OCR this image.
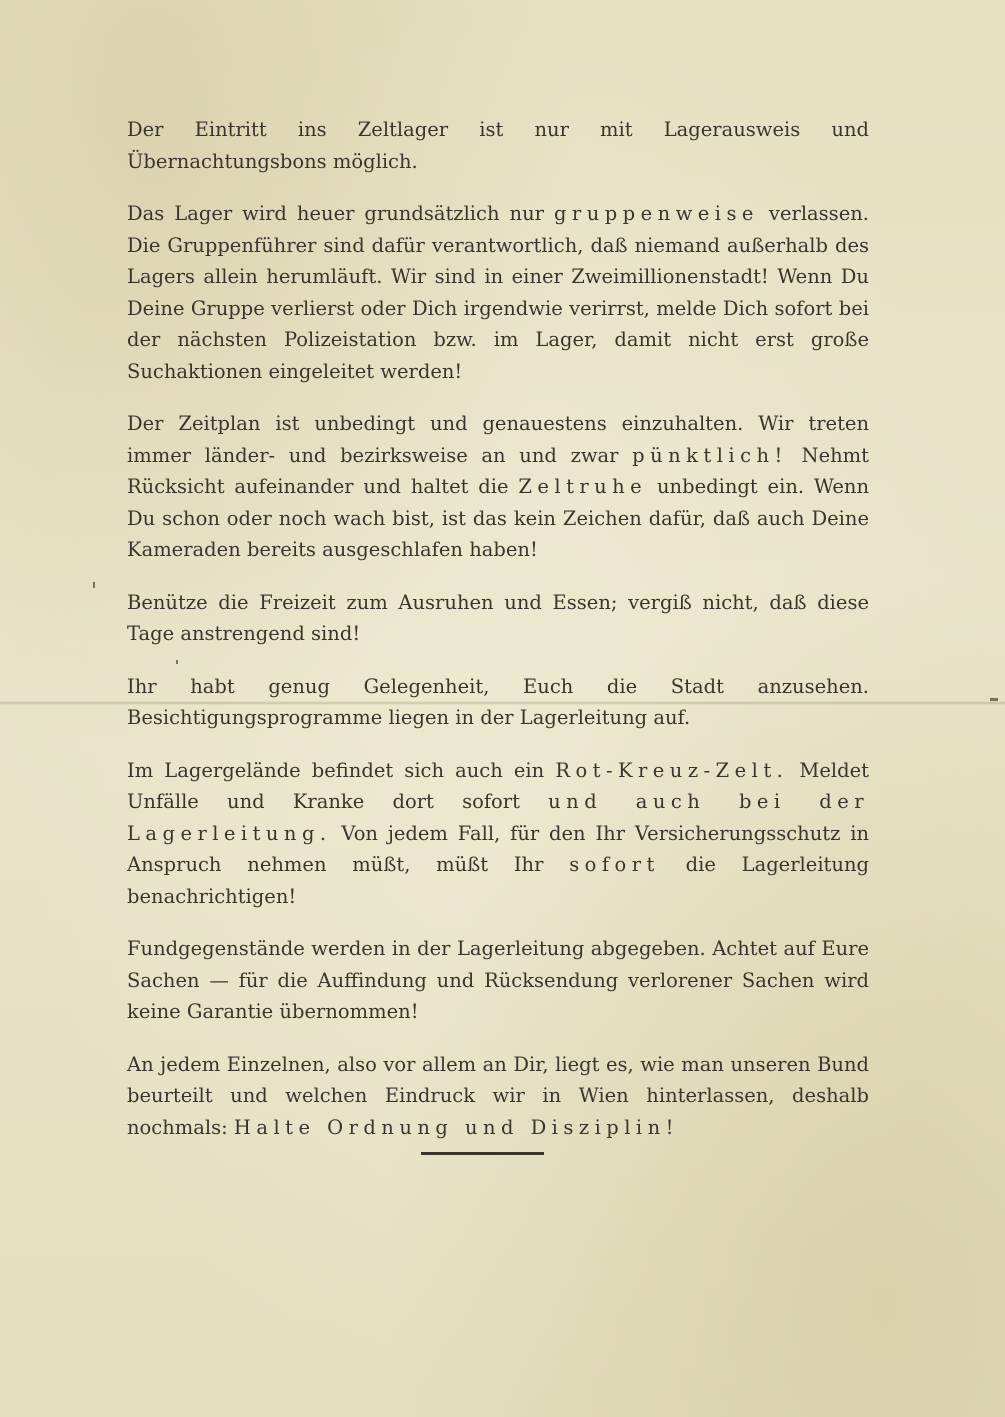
Der Eintritt ins Zeltlager ist nur mit Lagerausweis und Übernachtungsbons möglich.

Das Lager wird heuer grundsätzlich nur gruppenweise verlassen. Die Gruppenführer sind dafür verantwortlich, daß niemand außerhalb des Lagers allein herumläuft. Wir sind in einer Zweimillionenstadt! Wenn Du Deine Gruppe verlierst oder Dich irgendwie verirrst, melde Dich sofort bei der nächsten Polizeistation bzw. im Lager, damit nicht erst große Suchaktionen eingeleitet werden!

Der Zeitplan ist unbedingt und genauestens einzuhalten. Wir treten immer länder- und bezirksweise an und zwar pünktlich! Nehmt Rücksicht aufeinander und haltet die Zeltruhe unbedingt ein. Wenn Du schon oder noch wach bist, ist das kein Zeichen dafür, daß auch Deine Kameraden bereits ausgeschlafen haben!

Benütze die Freizeit zum Ausruhen und Essen; vergiß nicht, daß diese Tage anstrengend sind!

Ihr habt genug Gelegenheit, Euch die Stadt anzusehen. Besichtigungsprogramme liegen in der Lagerleitung auf.

Im Lagergelände befindet sich auch ein Rot-Kreuz-Zelt. Meldet Unfälle und Kranke dort sofort und auch bei der Lagerleitung. Von jedem Fall, für den Ihr Versicherungsschutz in Anspruch nehmen müßt, müßt Ihr sofort die Lagerleitung benachrichtigen!

Fundgegenstände werden in der Lagerleitung abgegeben. Achtet auf Eure Sachen — für die Auffindung und Rücksendung verlorener Sachen wird keine Garantie übernommen!

An jedem Einzelnen, also vor allem an Dir, liegt es, wie man unseren Bund beurteilt und welchen Eindruck wir in Wien hinterlassen, deshalb nochmals: Halte Ordnung und Disziplin!
